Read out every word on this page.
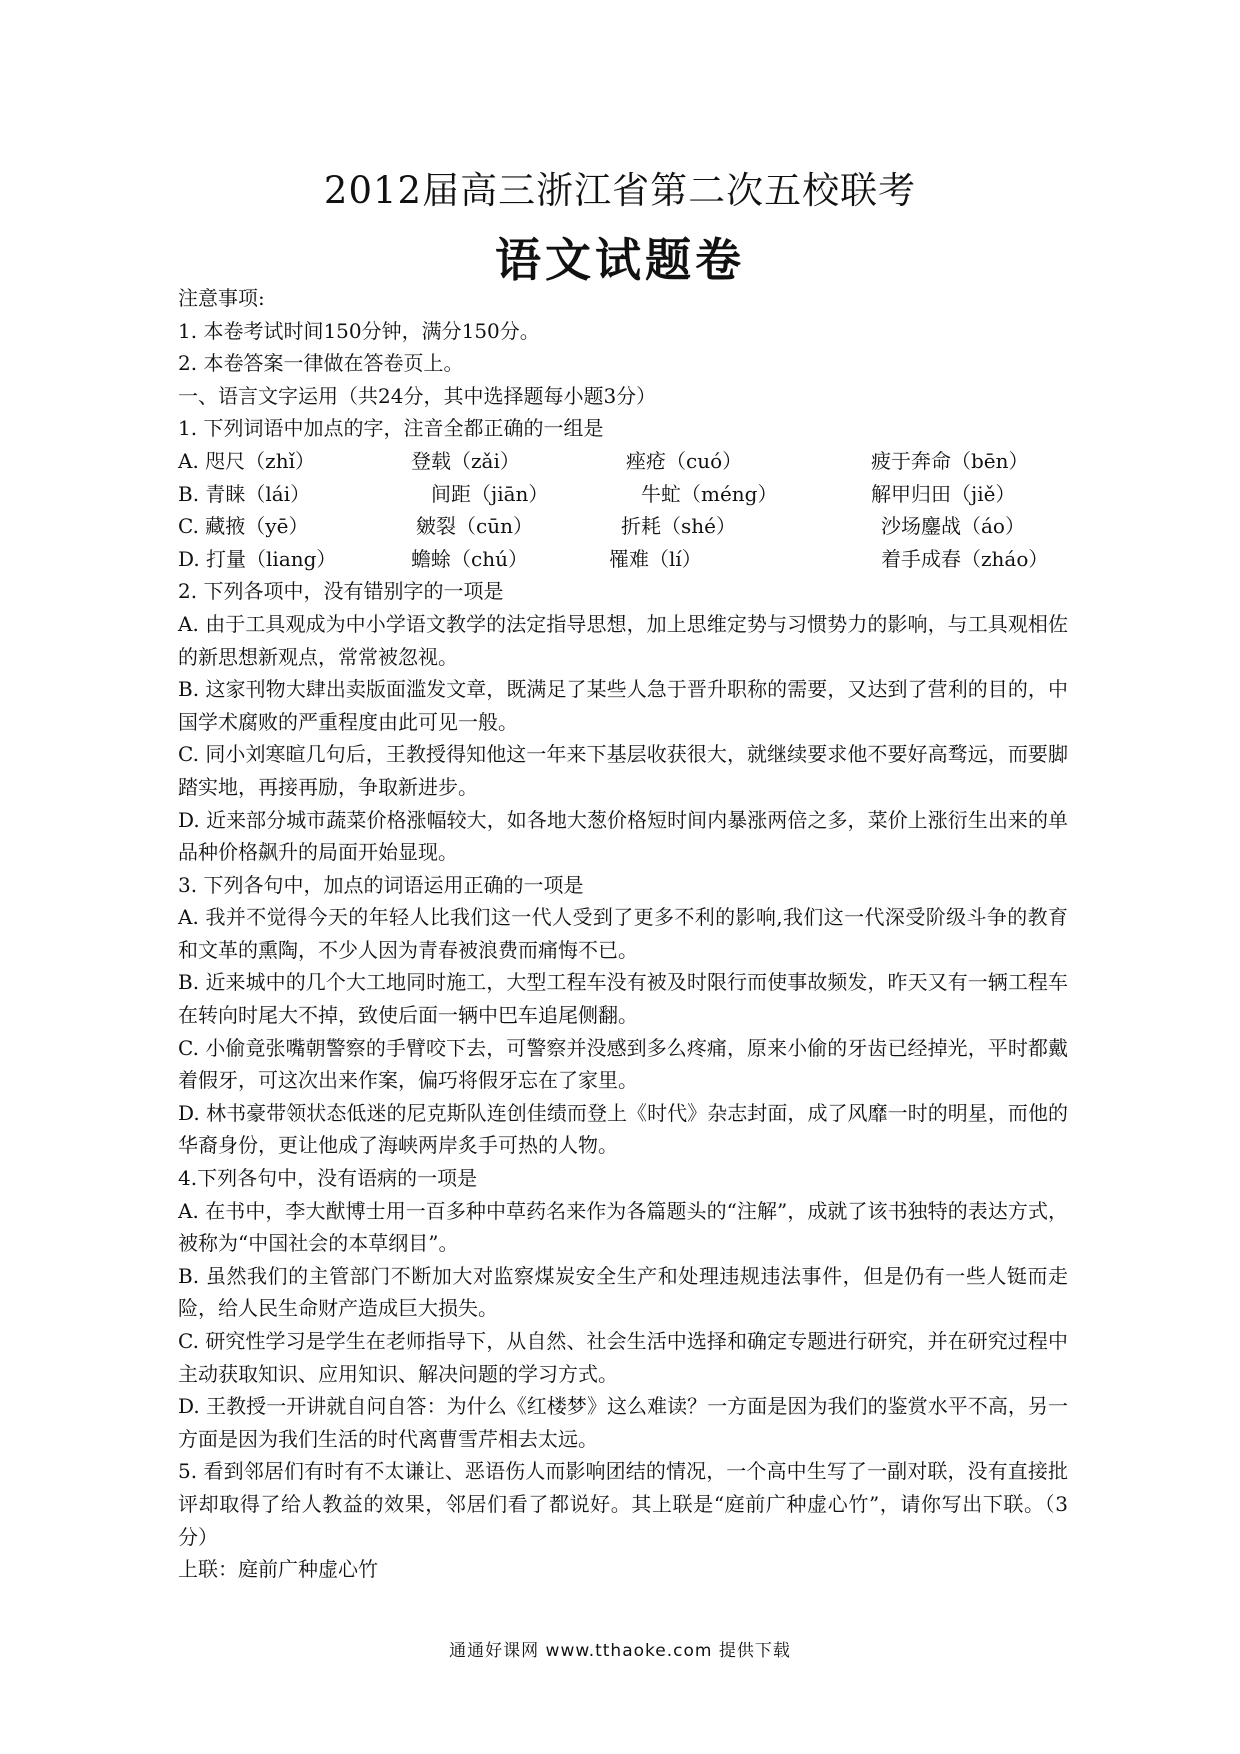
2012届高三浙江省第二次五校联考
语文试题卷
注意事项:
1. 本卷考试时间150分钟，满分150分。
2. 本卷答案一律做在答卷页上。
一、语言文字运用（共24分，其中选择题每小题3分）
1. 下列词语中加点的字，注音全都正确的一组是
A. 咫尺（zhǐ）	登载（zǎi）	痤疮（cuó）	疲于奔命（bēn）
B. 青睐（lái）	间距（jiān）	牛虻（méng）	解甲归田（jiě）
C. 藏掖（yē）	皴裂（cūn）	折耗（shé）	沙场鏖战（áo）
D. 打量（liang）	蟾蜍（chú）	罹难（lí）	着手成春（zháo）
2. 下列各项中，没有错别字的一项是
A. 由于工具观成为中小学语文教学的法定指导思想，加上思维定势与习惯势力的影响，与工具观相佐的新思想新观点，常常被忽视。
B. 这家刊物大肆出卖版面滥发文章，既满足了某些人急于晋升职称的需要，又达到了营利的目的，中国学术腐败的严重程度由此可见一般。
C. 同小刘寒暄几句后，王教授得知他这一年来下基层收获很大，就继续要求他不要好高骛远，而要脚踏实地，再接再励，争取新进步。
D. 近来部分城市蔬菜价格涨幅较大，如各地大葱价格短时间内暴涨两倍之多，菜价上涨衍生出来的单品种价格飙升的局面开始显现。
3. 下列各句中，加点的词语运用正确的一项是
A. 我并不觉得今天的年轻人比我们这一代人受到了更多不利的影响,我们这一代深受阶级斗争的教育和文革的熏陶，不少人因为青春被浪费而痛悔不已。
B. 近来城中的几个大工地同时施工，大型工程车没有被及时限行而使事故频发，昨天又有一辆工程车在转向时尾大不掉，致使后面一辆中巴车追尾侧翻。
C. 小偷竟张嘴朝警察的手臂咬下去，可警察并没感到多么疼痛，原来小偷的牙齿已经掉光，平时都戴着假牙，可这次出来作案，偏巧将假牙忘在了家里。
D. 林书豪带领状态低迷的尼克斯队连创佳绩而登上《时代》杂志封面，成了风靡一时的明星，而他的华裔身份，更让他成了海峡两岸炙手可热的人物。
4.下列各句中，没有语病的一项是
A. 在书中，李大猷博士用一百多种中草药名来作为各篇题头的“注解”，成就了该书独特的表达方式，被称为“中国社会的本草纲目”。
B. 虽然我们的主管部门不断加大对监察煤炭安全生产和处理违规违法事件，但是仍有一些人铤而走险，给人民生命财产造成巨大损失。
C. 研究性学习是学生在老师指导下，从自然、社会生活中选择和确定专题进行研究，并在研究过程中主动获取知识、应用知识、解决问题的学习方式。
D. 王教授一开讲就自问自答：为什么《红楼梦》这么难读？一方面是因为我们的鉴赏水平不高，另一方面是因为我们生活的时代离曹雪芹相去太远。
5. 看到邻居们有时有不太谦让、恶语伤人而影响团结的情况，一个高中生写了一副对联，没有直接批评却取得了给人教益的效果，邻居们看了都说好。其上联是“庭前广种虚心竹”，请你写出下联。（3分）
上联：庭前广种虚心竹
通通好课网 www.tthaoke.com 提供下载
